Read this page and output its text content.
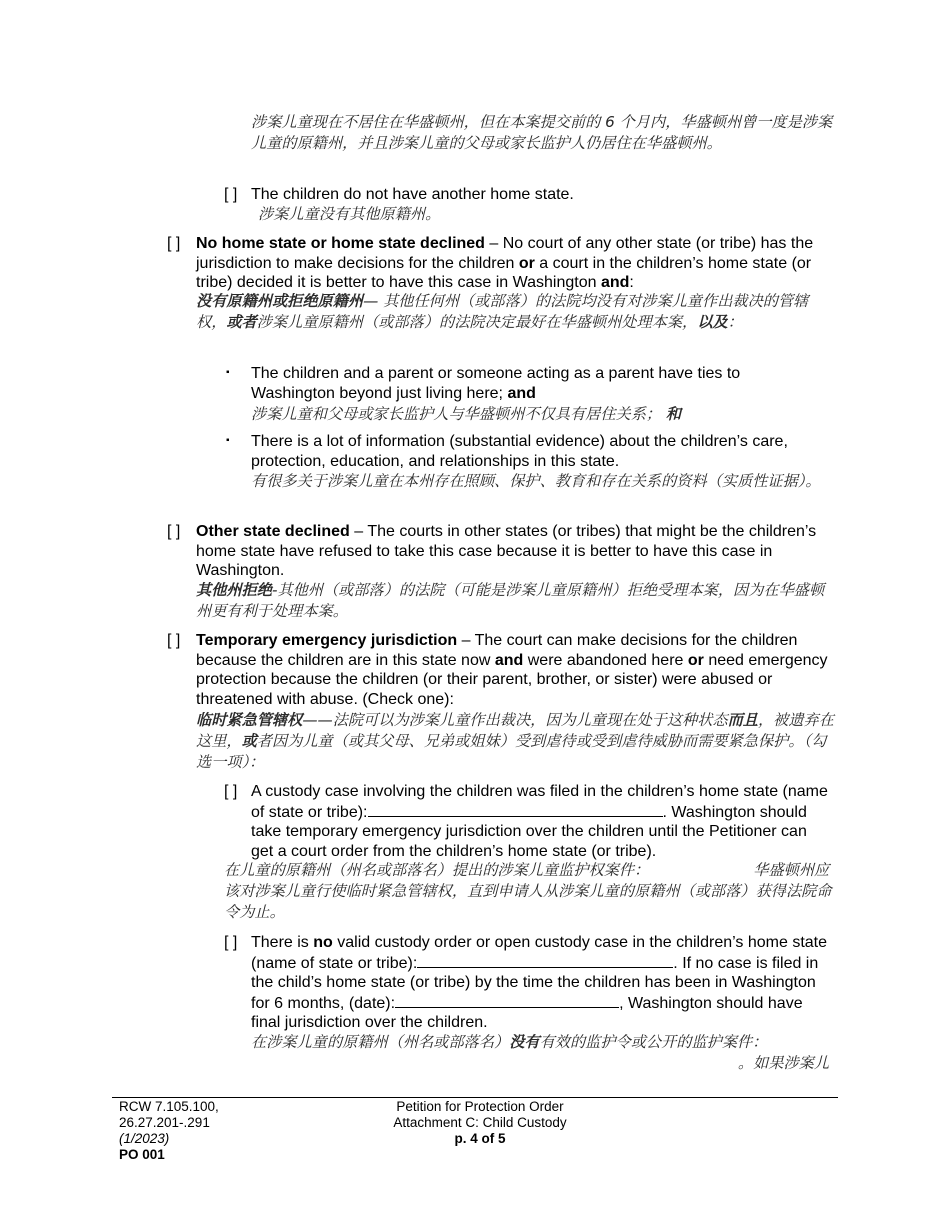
涉案儿童现在不居住在华盛顿州，但在本案提交前的 6 个月内，华盛顿州曾一度是涉案儿童的原籍州，并且涉案儿童的父母或家长监护人仍居住在华盛顿州。
[ ] The children do not have another home state.
涉案儿童没有其他原籍州。
[ ] No home state or home state declined – No court of any other state (or tribe) has the jurisdiction to make decisions for the children or a court in the children’s home state (or tribe) decided it is better to have this case in Washington and:
没有原籍州或拒绝原籍州— 其他任何州（或部落）的法院均没有对涉案儿童作出裁决的管辖权，或者涉案儿童原籍州（或部落）的法院决定最好在华盛顿州处理本案，以及：
▪ The children and a parent or someone acting as a parent have ties to Washington beyond just living here; and
涉案儿童和父母或家长监护人与华盛顿州不仅具有居住关系； 和
▪ There is a lot of information (substantial evidence) about the children’s care, protection, education, and relationships in this state.
有很多关于涉案儿童在本州存在照顾、保护、教育和存在关系的资料（实质性证据）。
[ ] Other state declined – The courts in other states (or tribes) that might be the children’s home state have refused to take this case because it is better to have this case in Washington.
其他州拒绝-其他州（或部落）的法院（可能是涉案儿童原籍州）拒绝受理本案，因为在华盛顿州更有利于处理本案。
[ ] Temporary emergency jurisdiction – The court can make decisions for the children because the children are in this state now and were abandoned here or need emergency protection because the children (or their parent, brother, or sister) were abused or threatened with abuse. (Check one):
临时紧急管辖权——法院可以为涉案儿童作出裁决，因为儿童现在处于这种状态而且，被遗弃在这里，或者因为儿童（或其父母、兄弟或姐妹）受到虐待或受到虐待威胁而需要紧急保护。（勾选一项）：
[ ] A custody case involving the children was filed in the children’s home state (name of state or tribe):	. Washington should take temporary emergency jurisdiction over the children until the Petitioner can get a court order from the children’s home state (or tribe).
在儿童的原籍州（州名或部落名）提出的涉案儿童监护权案件：	华盛顿州应该对涉案儿童行使临时紧急管辖权，直到申请人从涉案儿童的原籍州（或部落）获得法院命令为止。
[ ] There is no valid custody order or open custody case in the children’s home state (name of state or tribe):	. If no case is filed in the child’s home state (or tribe) by the time the children has been in Washington for 6 months, (date):	, Washington should have final jurisdiction over the children.
在涉案儿童的原籍州（州名或部落名）没有有效的监护令或公开的监护案件：
。如果涉案儿
RCW 7.105.100,
26.27.201-.291
(1/2023)
PO 001
Petition for Protection Order
Attachment C: Child Custody
p. 4 of 5
